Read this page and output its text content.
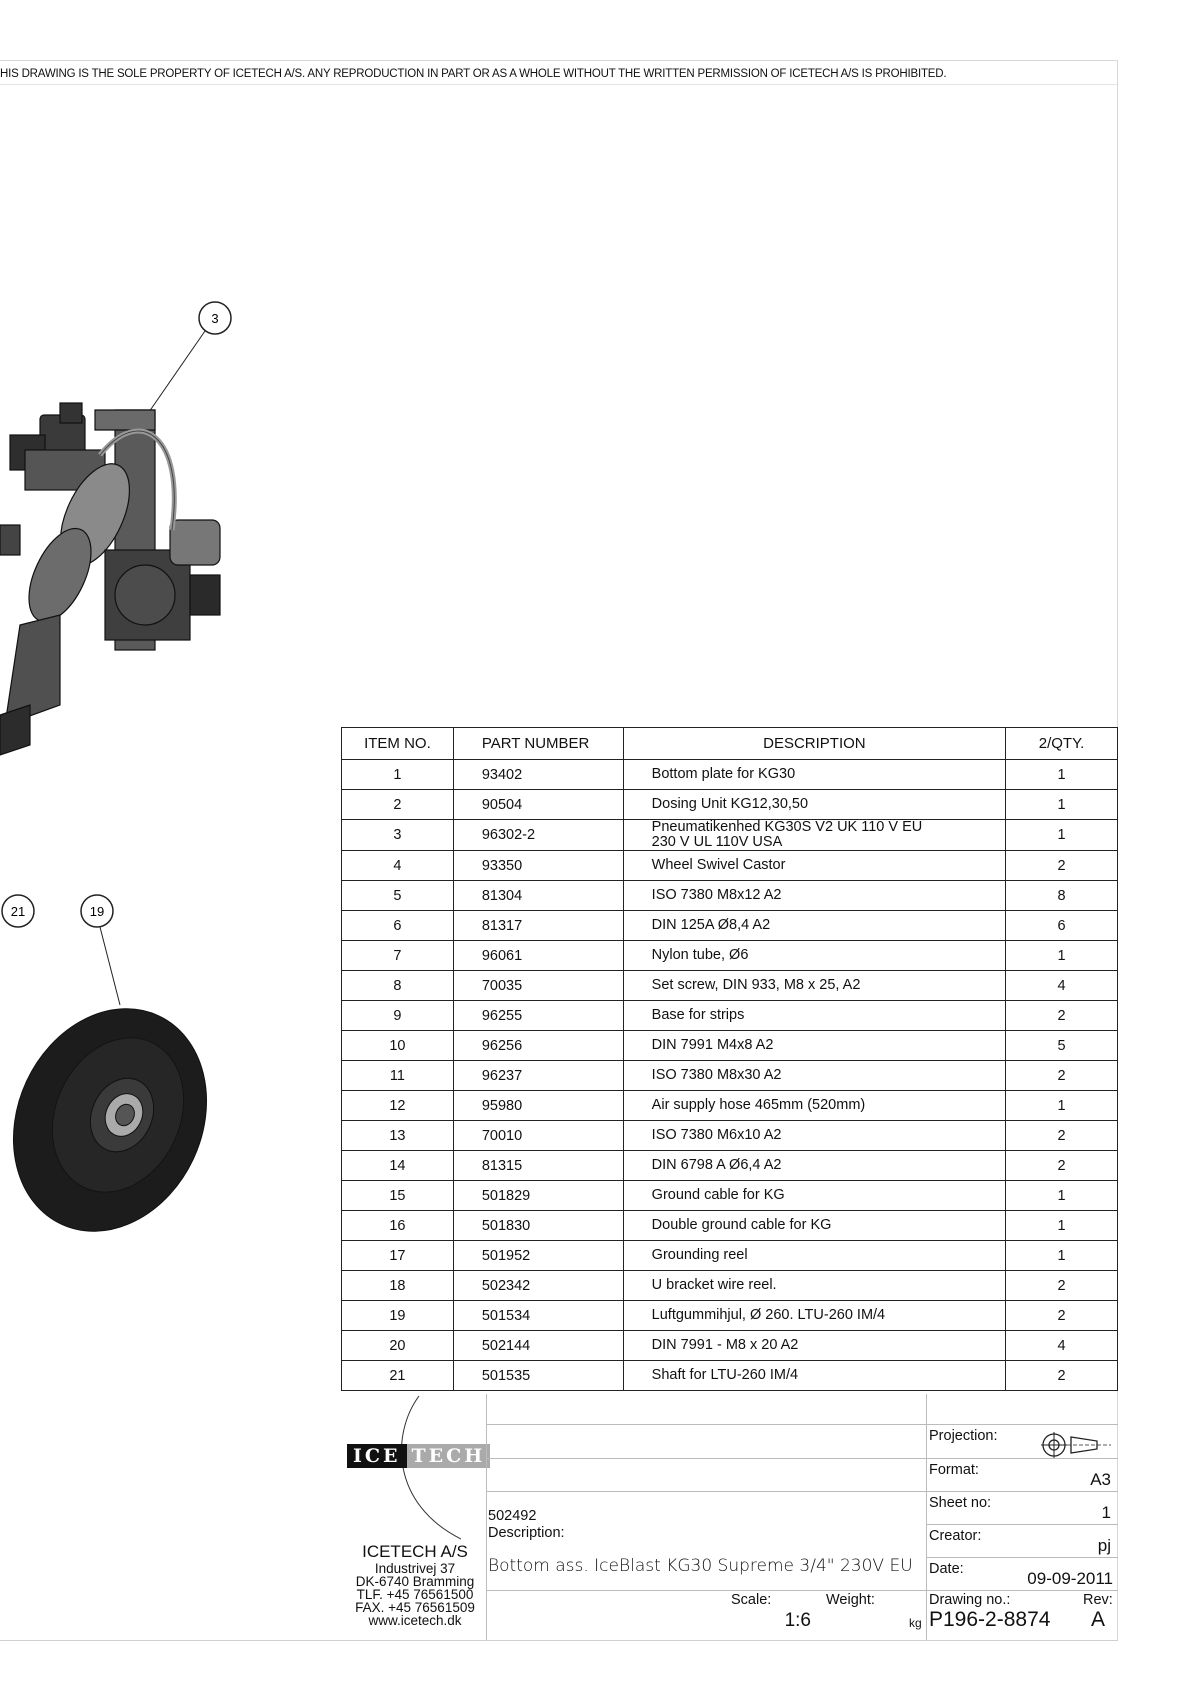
HIS DRAWING IS THE SOLE PROPERTY OF ICETECH A/S. ANY REPRODUCTION IN PART OR AS A WHOLE WITHOUT THE WRITTEN PERMISSION OF ICETECH A/S IS PROHIBITED.
3
21	19
ITEM NO.	PART NUMBER	DESCRIPTION	2/QTY.
1	93402	Bottom plate for KG30	1
2	90504	Dosing Unit KG12,30,50	1
3	96302-2	Pneumatikenhed KG30S V2 UK 110 V EU
230 V UL 110V USA	1
4	93350	Wheel Swivel Castor	2
5	81304	ISO 7380 M8x12 A2	8
6	81317	DIN 125A Ø8,4 A2	6
7	96061	Nylon tube, Ø6	1
8	70035	Set screw, DIN 933, M8 x 25, A2	4
9	96255	Base for strips	2
10	96256	DIN 7991 M4x8 A2	5
11	96237	ISO 7380 M8x30 A2	2
12	95980	Air supply hose 465mm (520mm)	1
13	70010	ISO 7380 M6x10 A2	2
14	81315	DIN 6798 A Ø6,4 A2	2
15	501829	Ground cable for KG	1
16	501830	Double ground cable for KG	1
17	501952	Grounding reel	1
18	502342	U bracket wire reel.	2
19	501534	Luftgummihjul, Ø 260. LTU-260 IM/4	2
20	502144	DIN 7991 - M8 x 20 A2	4
21	501535	Shaft for LTU-260 IM/4	2
ICE TECH
ICETECH A/S
Industrivej 37
DK-6740 Bramming
TLF. +45 76561500
FAX. +45 76561509
www.icetech.dk
502492
Description:
Bottom ass. IceBlast KG30 Supreme 3/4" 230V EU
Scale:
1:6
Weight:
kg
Projection:
Format:	A3
Sheet no:	1
Creator:	pj
Date:	09-09-2011
Drawing no.:
P196-2-8874
Rev:
A
